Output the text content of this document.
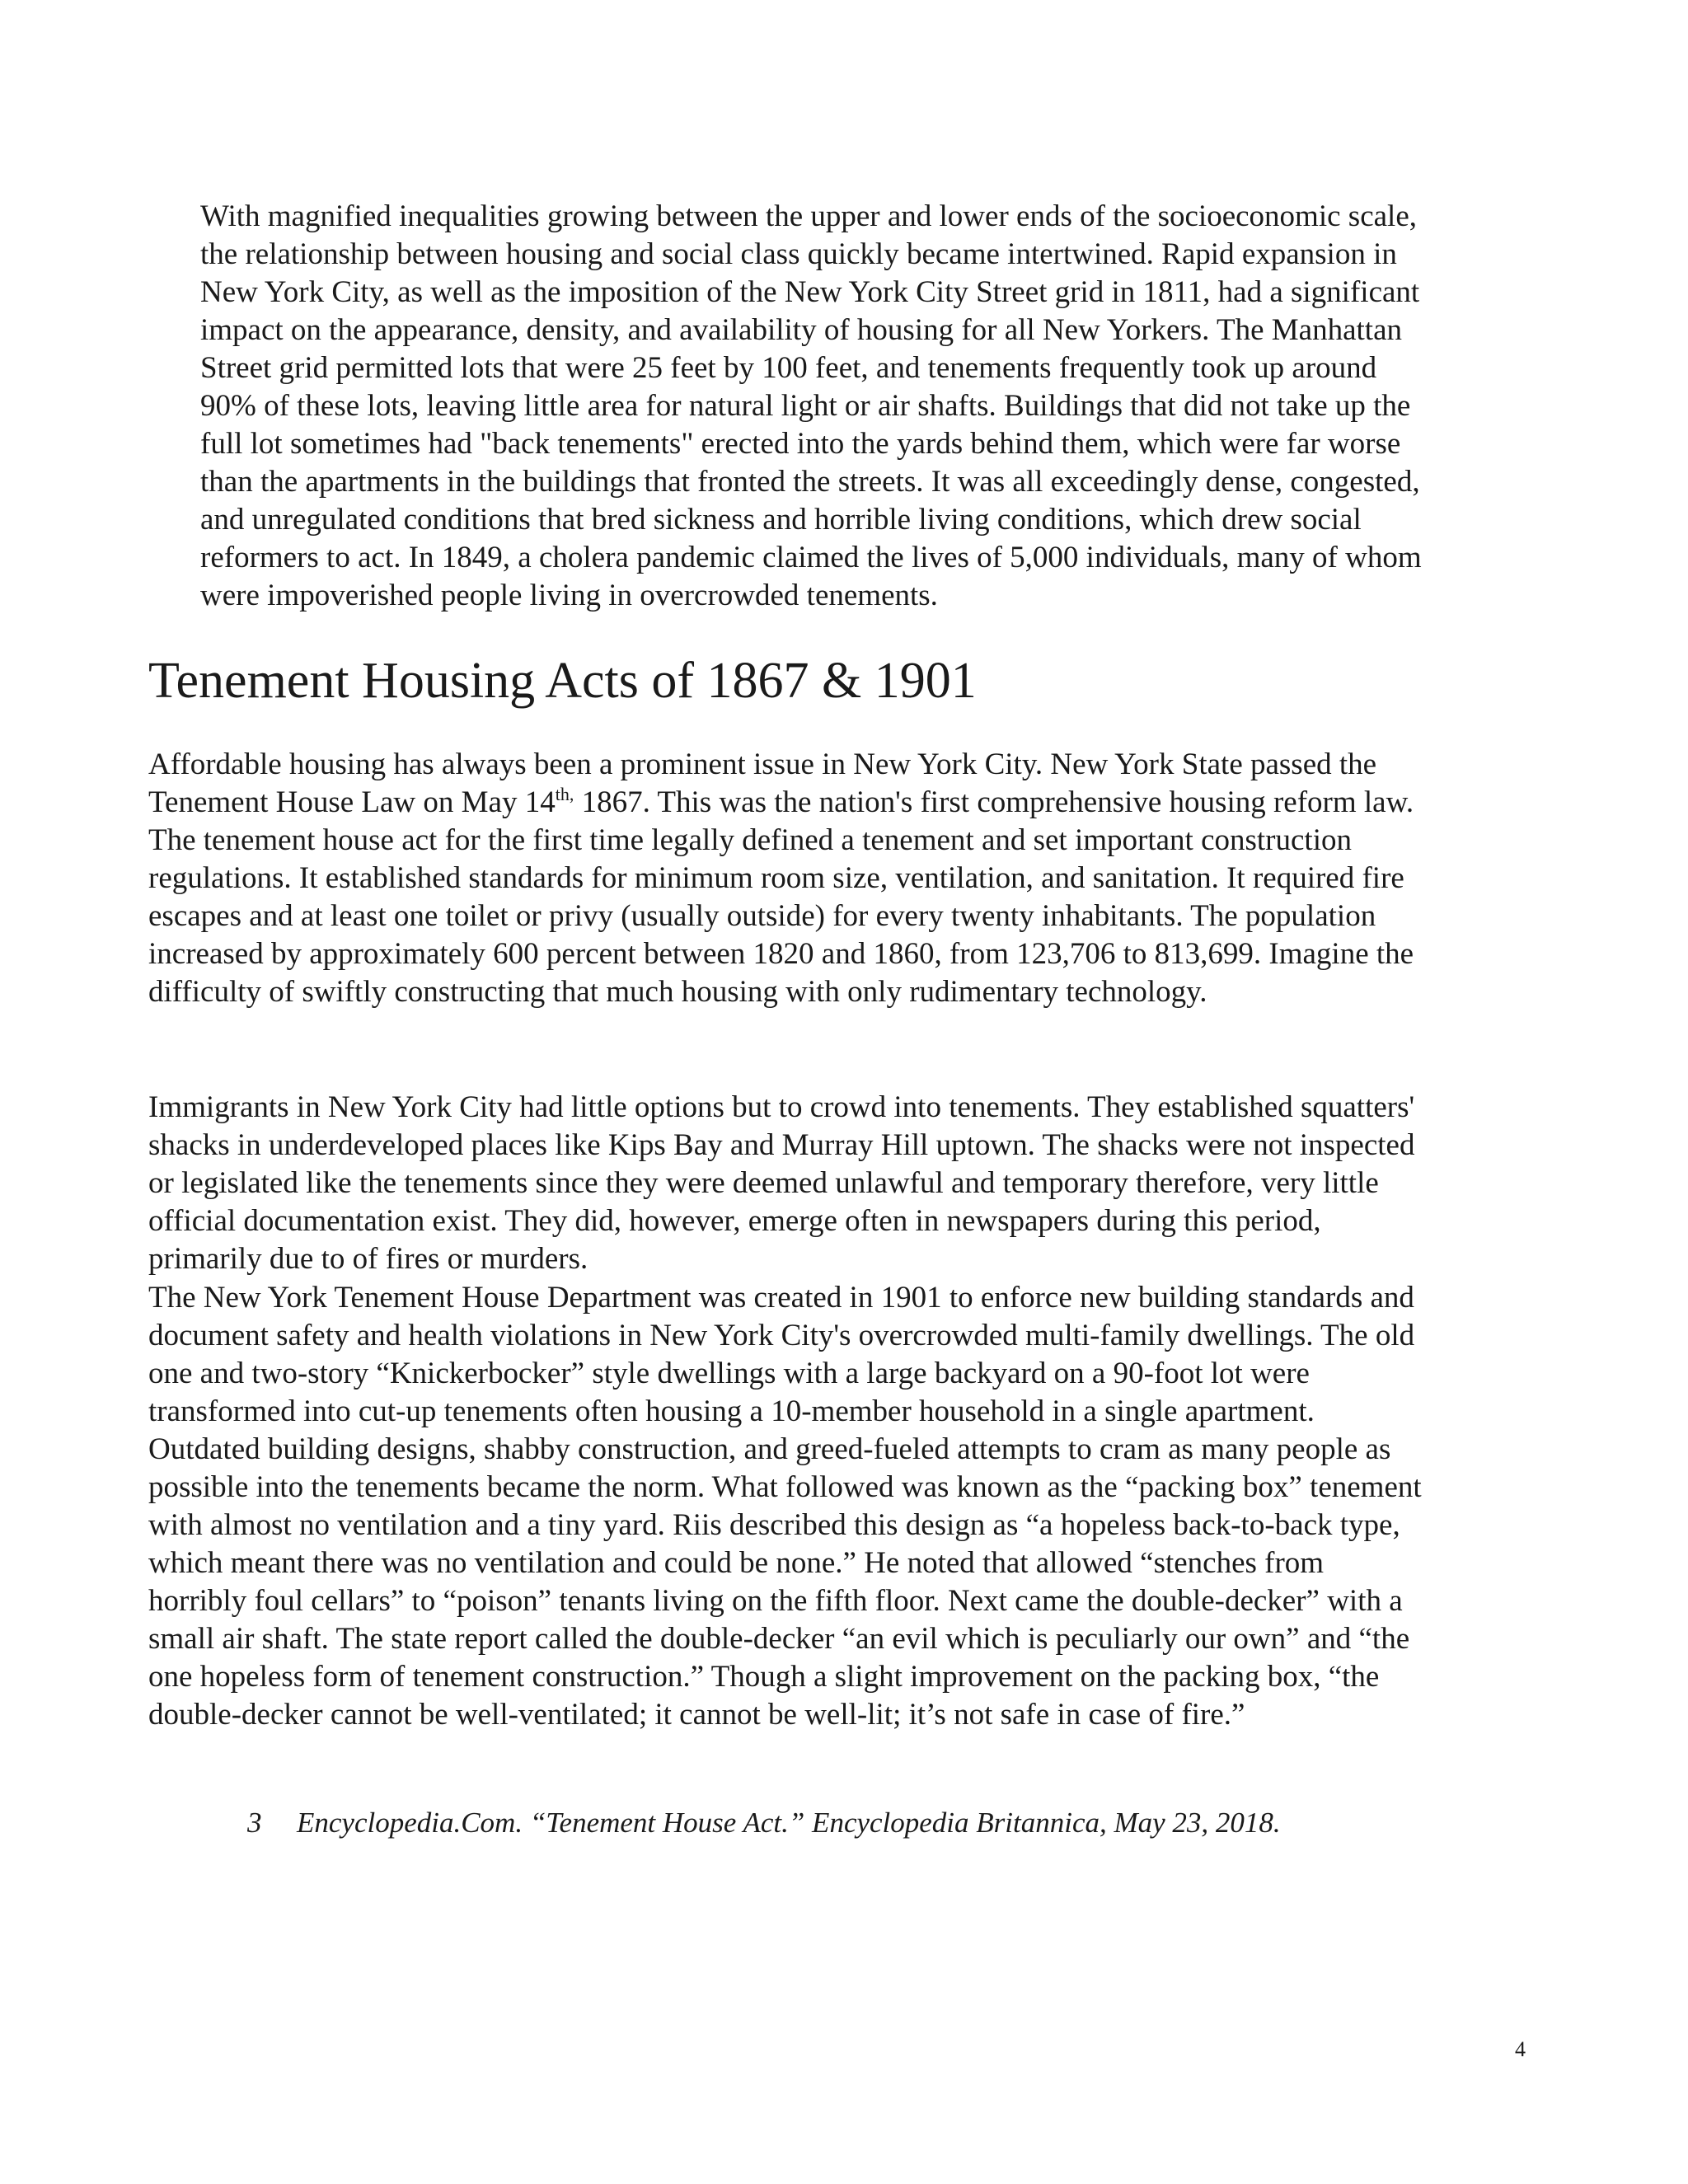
With magnified inequalities growing between the upper and lower ends of the socioeconomic scale,
the relationship between housing and social class quickly became intertwined. Rapid expansion in
New York City, as well as the imposition of the New York City Street grid in 1811, had a significant
impact on the appearance, density, and availability of housing for all New Yorkers. The Manhattan
Street grid permitted lots that were 25 feet by 100 feet, and tenements frequently took up around
90% of these lots, leaving little area for natural light or air shafts. Buildings that did not take up the
full lot sometimes had "back tenements" erected into the yards behind them, which were far worse
than the apartments in the buildings that fronted the streets. It was all exceedingly dense, congested,
and unregulated conditions that bred sickness and horrible living conditions, which drew social
reformers to act. In 1849, a cholera pandemic claimed the lives of 5,000 individuals, many of whom
were impoverished people living in overcrowded tenements.
Tenement Housing Acts of 1867 & 1901
Affordable housing has always been a prominent issue in New York City. New York State passed the
Tenement House Law on May $14^{th,}$ 1867. This was the nation's first comprehensive housing reform law.
The tenement house act for the first time legally defined a tenement and set important construction
regulations. It established standards for minimum room size, ventilation, and sanitation. It required fire
escapes and at least one toilet or privy (usually outside) for every twenty inhabitants. The population
increased by approximately 600 percent between 1820 and 1860, from 123,706 to 813,699. Imagine the
difficulty of swiftly constructing that much housing with only rudimentary technology.
Immigrants in New York City had little options but to crowd into tenements. They established squatters'
shacks in underdeveloped places like Kips Bay and Murray Hill uptown. The shacks were not inspected
or legislated like the tenements since they were deemed unlawful and temporary therefore, very little
official documentation exist. They did, however, emerge often in newspapers during this period,
primarily due to of fires or murders.
The New York Tenement House Department was created in 1901 to enforce new building standards and
document safety and health violations in New York City's overcrowded multi-family dwellings. The old
one and two-story “Knickerbocker” style dwellings with a large backyard on a 90-foot lot were
transformed into cut-up tenements often housing a 10-member household in a single apartment.
Outdated building designs, shabby construction, and greed-fueled attempts to cram as many people as
possible into the tenements became the norm. What followed was known as the “packing box” tenement
with almost no ventilation and a tiny yard. Riis described this design as “a hopeless back-to-back type,
which meant there was no ventilation and could be none.” He noted that allowed “stenches from
horribly foul cellars” to “poison” tenants living on the fifth floor. Next came the double-decker” with a
small air shaft. The state report called the double-decker “an evil which is peculiarly our own” and “the
one hopeless form of tenement construction.” Though a slight improvement on the packing box, “the
double-decker cannot be well-ventilated; it cannot be well-lit; it’s not safe in case of fire.”
3 Encyclopedia.Com. “Tenement House Act.” Encyclopedia Britannica, May 23, 2018.
4
